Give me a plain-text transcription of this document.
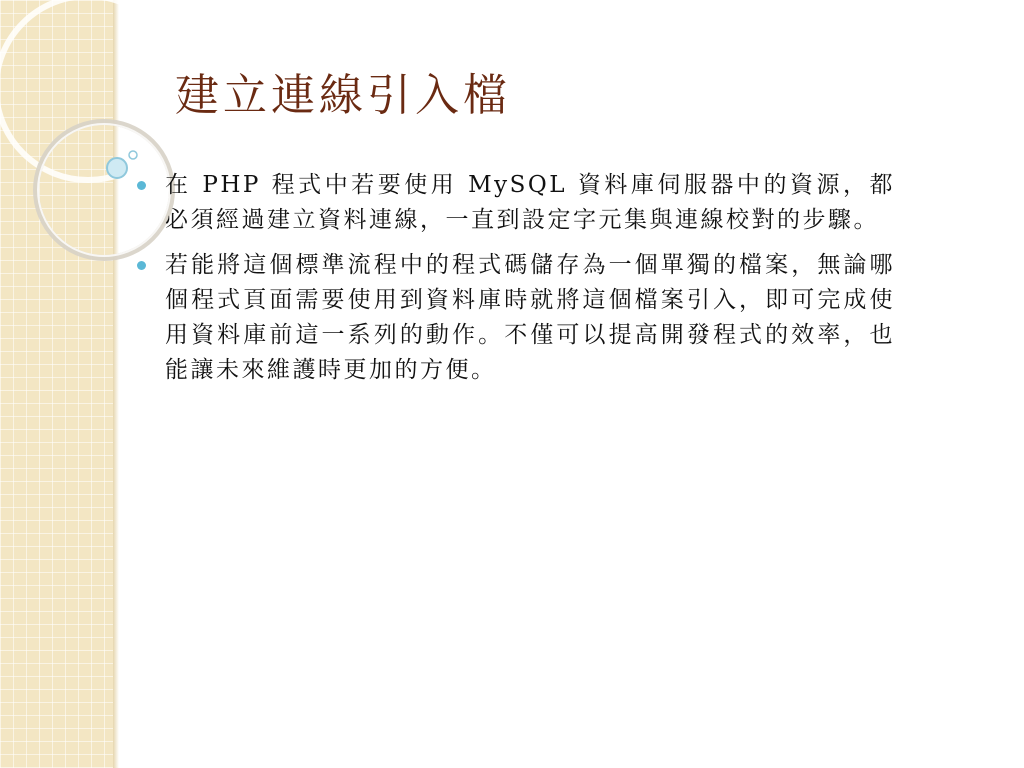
建立連線引入檔
在 PHP 程式中若要使用 MySQL 資料庫伺服器中的資源，都必須經過建立資料連線，一直到設定字元集與連線校對的步驟。
若能將這個標準流程中的程式碼儲存為一個單獨的檔案，無論哪個程式頁面需要使用到資料庫時就將這個檔案引入，即可完成使用資料庫前這一系列的動作。不僅可以提高開發程式的效率，也能讓未來維護時更加的方便。
